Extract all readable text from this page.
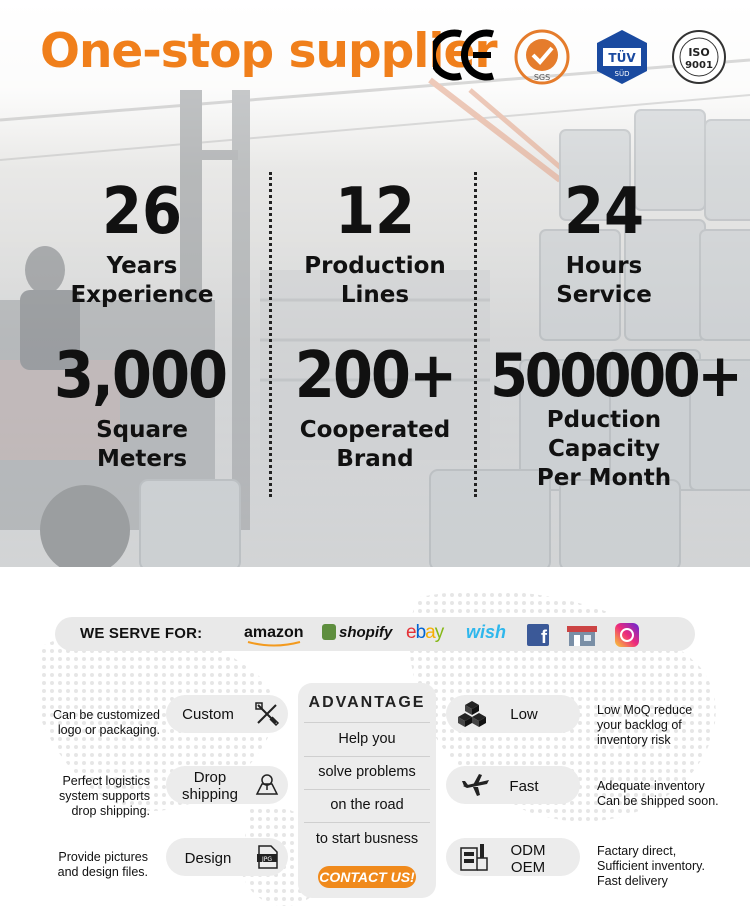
One-stop supplier	SGS
TÜV
SÜD
ISO
9001
26
Years
Experience
12
Production
Lines
24
Hours
Service
3,000
Square
Meters
200+
Cooperated
Brand
500000+
Pduction
Capacity
Per Month
WE SERVE FOR:	amazon	shopify ebay wish	f
Custom
Can be customized
logo or packaging.
Drop
shipping
Perfect logistics
system supports
drop shipping.
Design	JPG
Provide pictures
and design files.
ADVANTAGE
Help you
solve problems
on the road
to start busness
CONTACT US!
Low	Low MoQ reduce
your backlog of
inventory risk
Fast	Adequate inventory
Can be shipped soon.
ODM
OEM
Factary direct,
Sufficient inventory.
Fast delivery
